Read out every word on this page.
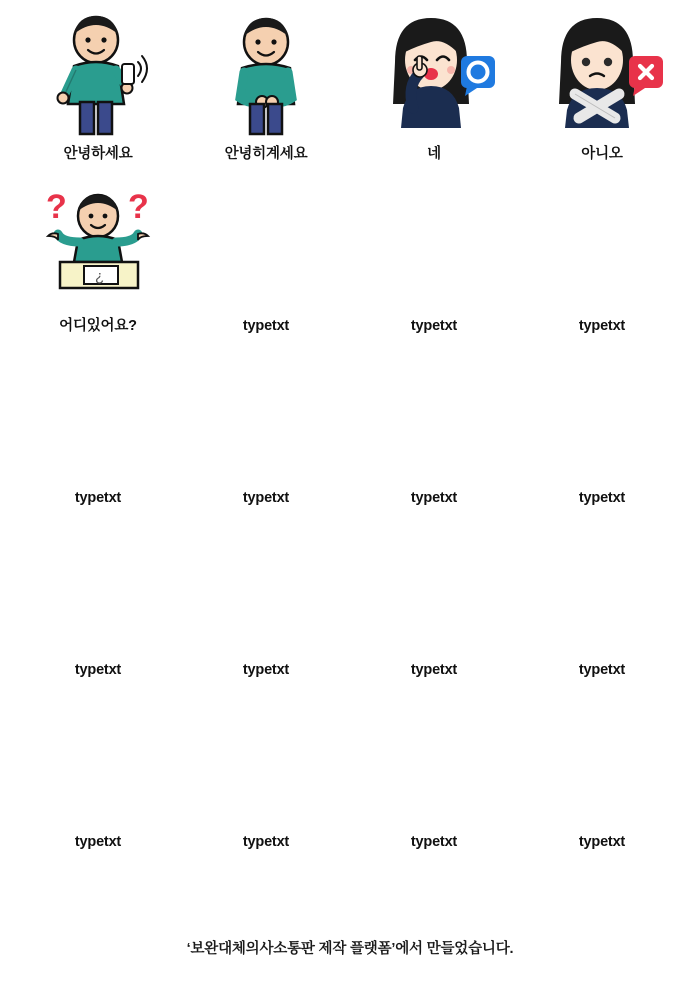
안녕하세요	안녕히계세요	네	아니오
? ?
¿
어디있어요?	typetxt	typetxt	typetxt
typetxt	typetxt	typetxt	typetxt
typetxt	typetxt	typetxt	typetxt
typetxt	typetxt	typetxt	typetxt
‘보완대체의사소통판 제작 플랫폼’에서 만들었습니다.
